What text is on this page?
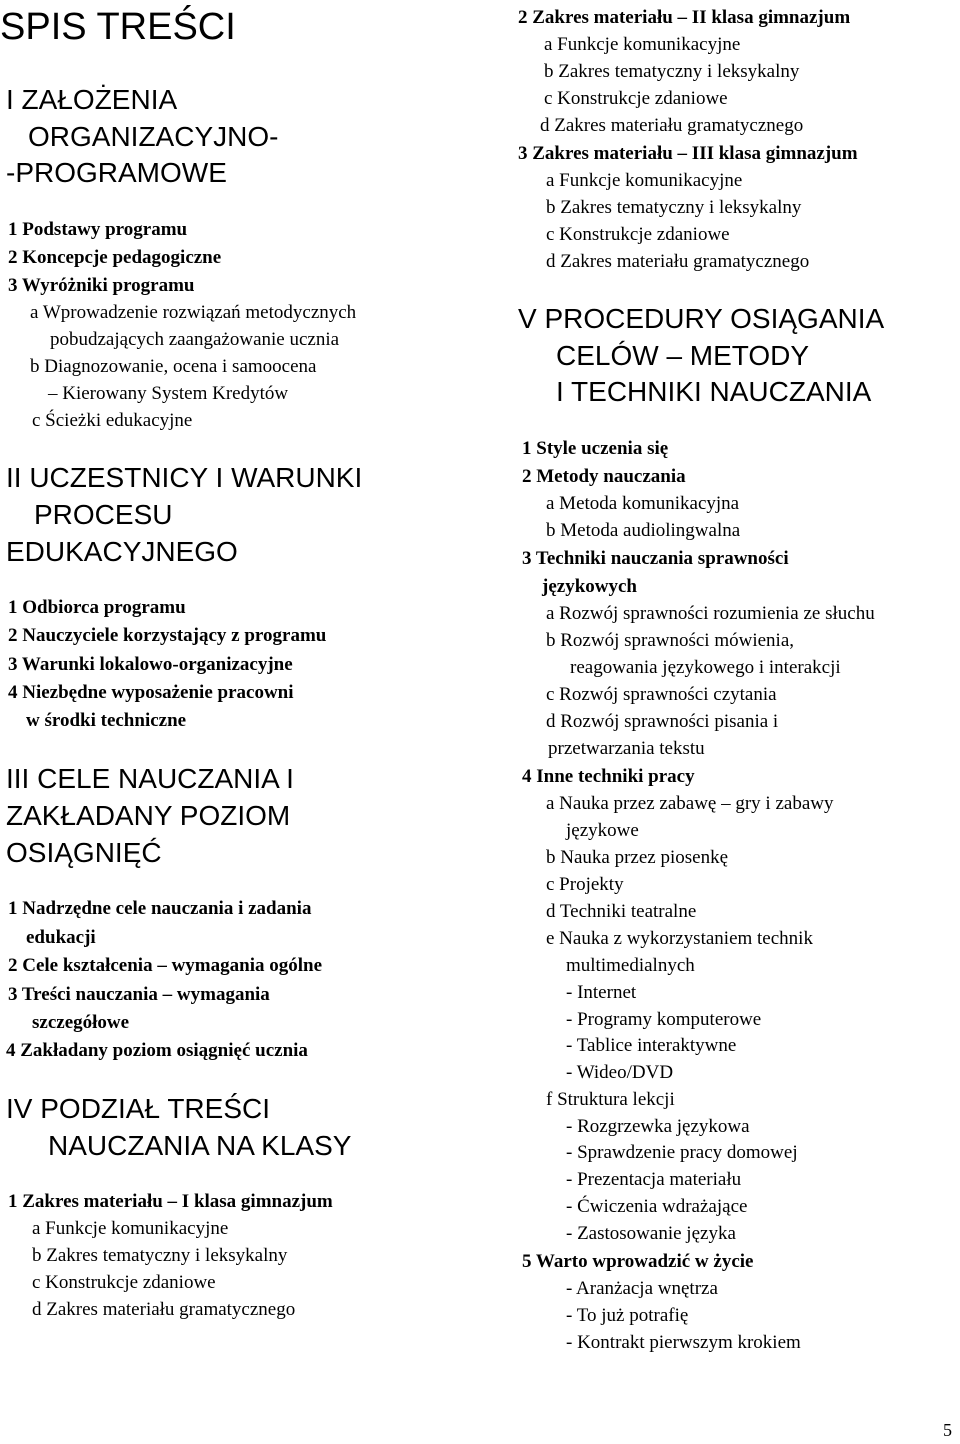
SPIS TREŚCI
I ZAŁOŻENIA
ORGANIZACYJNO-
-PROGRAMOWE
1 Podstawy programu
2 Koncepcje pedagogiczne
3 Wyróżniki programu
a Wprowadzenie rozwiązań metodycznych
pobudzających zaangażowanie ucznia
b Diagnozowanie, ocena i samoocena
– Kierowany System Kredytów
c Ścieżki edukacyjne
II UCZESTNICY I WARUNKI
PROCESU
EDUKACYJNEGO
1 Odbiorca programu
2 Nauczyciele korzystający z programu
3 Warunki lokalowo-organizacyjne
4 Niezbędne wyposażenie pracowni
w środki techniczne
III CELE NAUCZANIA I
ZAKŁADANY POZIOM
OSIĄGNIĘĆ
1 Nadrzędne cele nauczania i zadania
edukacji
2 Cele kształcenia – wymagania ogólne
3 Treści nauczania – wymagania
szczegółowe
4 Zakładany poziom osiągnięć ucznia
IV PODZIAŁ TREŚCI
NAUCZANIA NA KLASY
1 Zakres materiału – I klasa gimnazjum
a Funkcje komunikacyjne
b Zakres tematyczny i leksykalny
c Konstrukcje zdaniowe
d Zakres materiału gramatycznego
2 Zakres materiału – II klasa gimnazjum
a Funkcje komunikacyjne
b Zakres tematyczny i leksykalny
c Konstrukcje zdaniowe
d Zakres materiału gramatycznego
3 Zakres materiału – III klasa gimnazjum
a Funkcje komunikacyjne
b Zakres tematyczny i leksykalny
c Konstrukcje zdaniowe
d Zakres materiału gramatycznego
V PROCEDURY OSIĄGANIA
CELÓW – METODY
I TECHNIKI NAUCZANIA
1 Style uczenia się
2 Metody nauczania
a Metoda komunikacyjna
b Metoda audiolingwalna
3 Techniki nauczania sprawności
językowych
a Rozwój sprawności rozumienia ze słuchu
b Rozwój sprawności mówienia,
reagowania językowego i interakcji
c Rozwój sprawności czytania
d Rozwój sprawności pisania i
przetwarzania tekstu
4 Inne techniki pracy
a Nauka przez zabawę – gry i zabawy
językowe
b Nauka przez piosenkę
c Projekty
d Techniki teatralne
e Nauka z wykorzystaniem technik
multimedialnych
- Internet
- Programy komputerowe
- Tablice interaktywne
- Wideo/DVD
f Struktura lekcji
- Rozgrzewka językowa
- Sprawdzenie pracy domowej
- Prezentacja materiału
- Ćwiczenia wdrażające
- Zastosowanie języka
5 Warto wprowadzić w życie
- Aranżacja wnętrza
- To już potrafię
- Kontrakt pierwszym krokiem
5
